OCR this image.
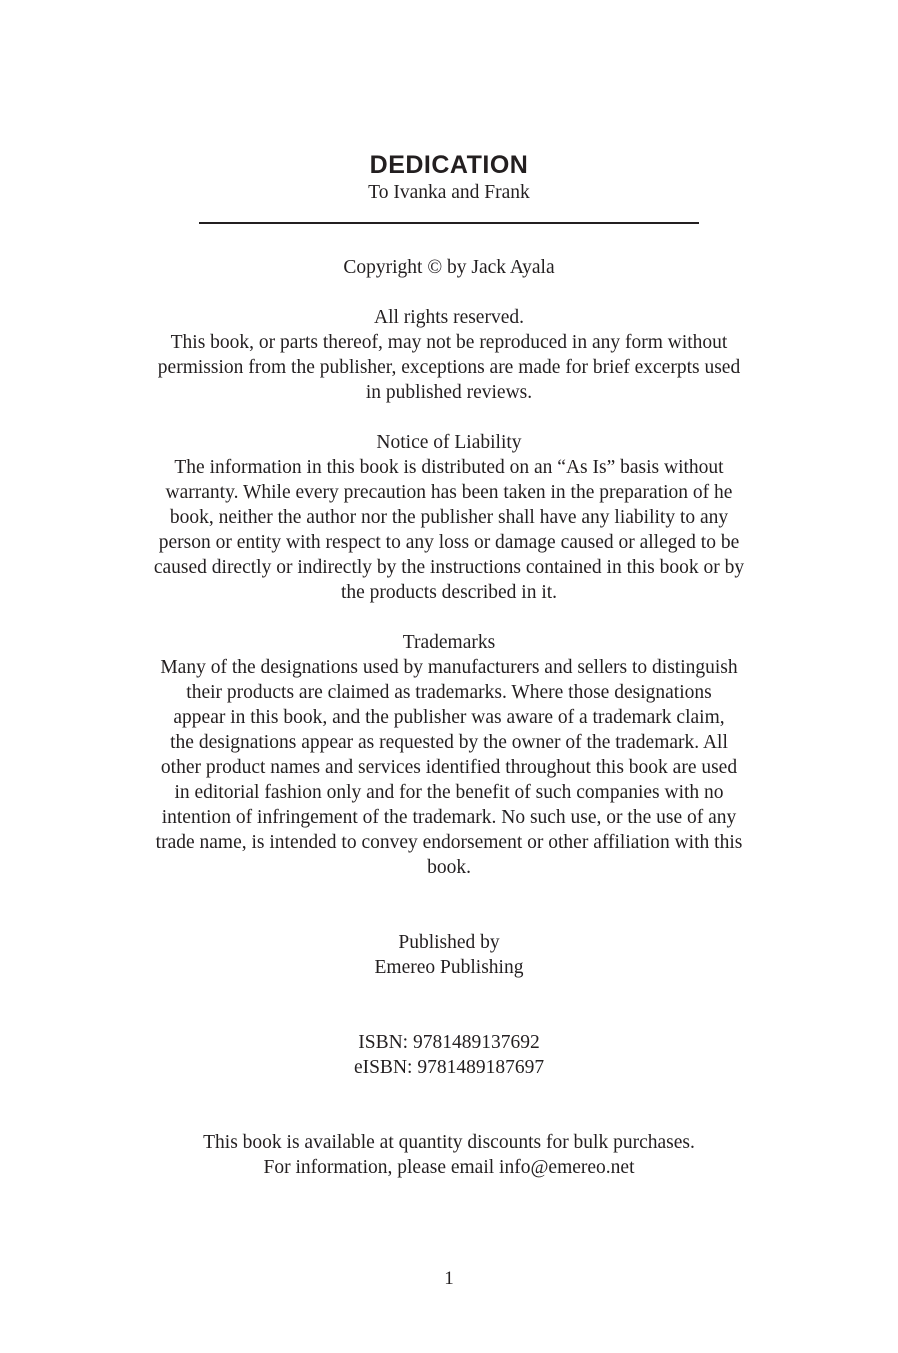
DEDICATION
To Ivanka and Frank
Copyright © by Jack Ayala
All rights reserved.
This book, or parts thereof, may not be reproduced in any form without
permission from the publisher, exceptions are made for brief excerpts used
in published reviews.
Notice of Liability
The information in this book is distributed on an “As Is” basis without
warranty. While every precaution has been taken in the preparation of he
book, neither the author nor the publisher shall have any liability to any
person or entity with respect to any loss or damage caused or alleged to be
caused directly or indirectly by the instructions contained in this book or by
the products described in it.
Trademarks
Many of the designations used by manufacturers and sellers to distinguish
their products are claimed as trademarks. Where those designations
appear in this book, and the publisher was aware of a trademark claim,
the designations appear as requested by the owner of the trademark. All
other product names and services identified throughout this book are used
in editorial fashion only and for the benefit of such companies with no
intention of infringement of the trademark. No such use, or the use of any
trade name, is intended to convey endorsement or other affiliation with this
book.
Published by
Emereo Publishing
ISBN: 9781489137692
eISBN: 9781489187697
This book is available at quantity discounts for bulk purchases.
For information, please email info@emereo.net
1
